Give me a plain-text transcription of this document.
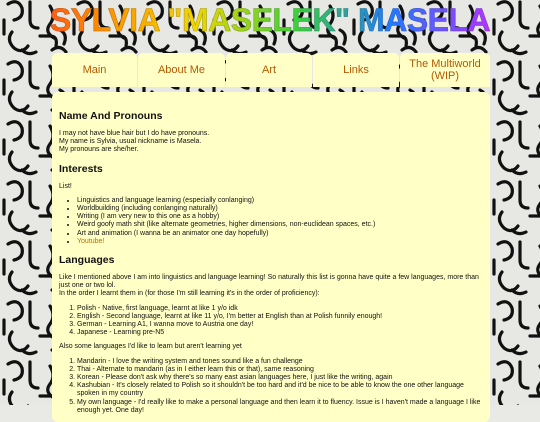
SYLVIA "MASELEK" MASELA
Main	About Me	Art	Links	The Multiworld (WIP)
Name And Pronouns

I may not have blue hair but I do have pronouns.
My name is Sylvia, usual nickname is Masela.
My pronouns are she/her.

Interests

List!

• Linguistics and language learning (especially conlanging)
• Worldbuilding (including conlanging naturally)
• Writing (I am very new to this one as a hobby)
• Weird goofy math shit (like alternate geometries, higher dimensions, non-euclidean spaces, etc.)
• Art and animation (I wanna be an animator one day hopefully)
• Youtube!
Languages

Like I mentioned above I am into linguistics and language learning! So naturally this list is gonna have quite a few languages, more than just one or two lol.
In the order I learnt them in (for those I'm still learning it's in the order of proficiency):

1. Polish - Native, first language, learnt at like 1 y/o idk
2. English - Second language, learnt at like 11 y/o, I'm better at English than at Polish funnily enough!
3. German - Learning A1, I wanna move to Austria one day!
4. Japanese - Learning pre-N5

Also some languages I'd like to learn but aren't learning yet

1. Mandarin - I love the writing system and tones sound like a fun challenge
2. Thai - Alternate to mandarin (as in I either learn this or that), same reasoning
3. Korean - Please don't ask why there's so many east asian languages here, I just like the writing, again
4. Kashubian - It's closely related to Polish so it shouldn't be too hard and it'd be nice to be able to know the one other language spoken in my country
5. My own language - I'd really like to make a personal language and then learn it to fluency. Issue is I haven't made a language I like enough yet. One day!
